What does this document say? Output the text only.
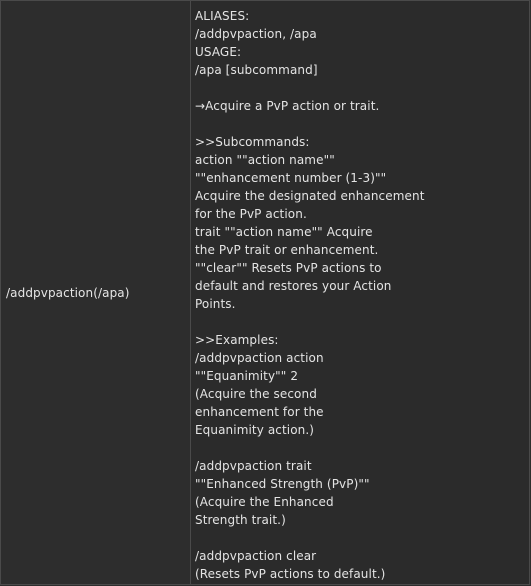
/addpvpaction(/apa)
ALIASES:
/addpvpaction, /apa
USAGE:
/apa [subcommand]
→Acquire a PvP action or trait.
>>Subcommands:
action ""action name""
""enhancement number (1-3)""
Acquire the designated enhancement
for the PvP action.
trait ""action name"" Acquire
the PvP trait or enhancement.
""clear"" Resets PvP actions to
default and restores your Action
Points.
>>Examples:
/addpvpaction action
""Equanimity"" 2
(Acquire the second
enhancement for the
Equanimity action.)
/addpvpaction trait
""Enhanced Strength (PvP)""
(Acquire the Enhanced
Strength trait.)
/addpvpaction clear
(Resets PvP actions to default.)
